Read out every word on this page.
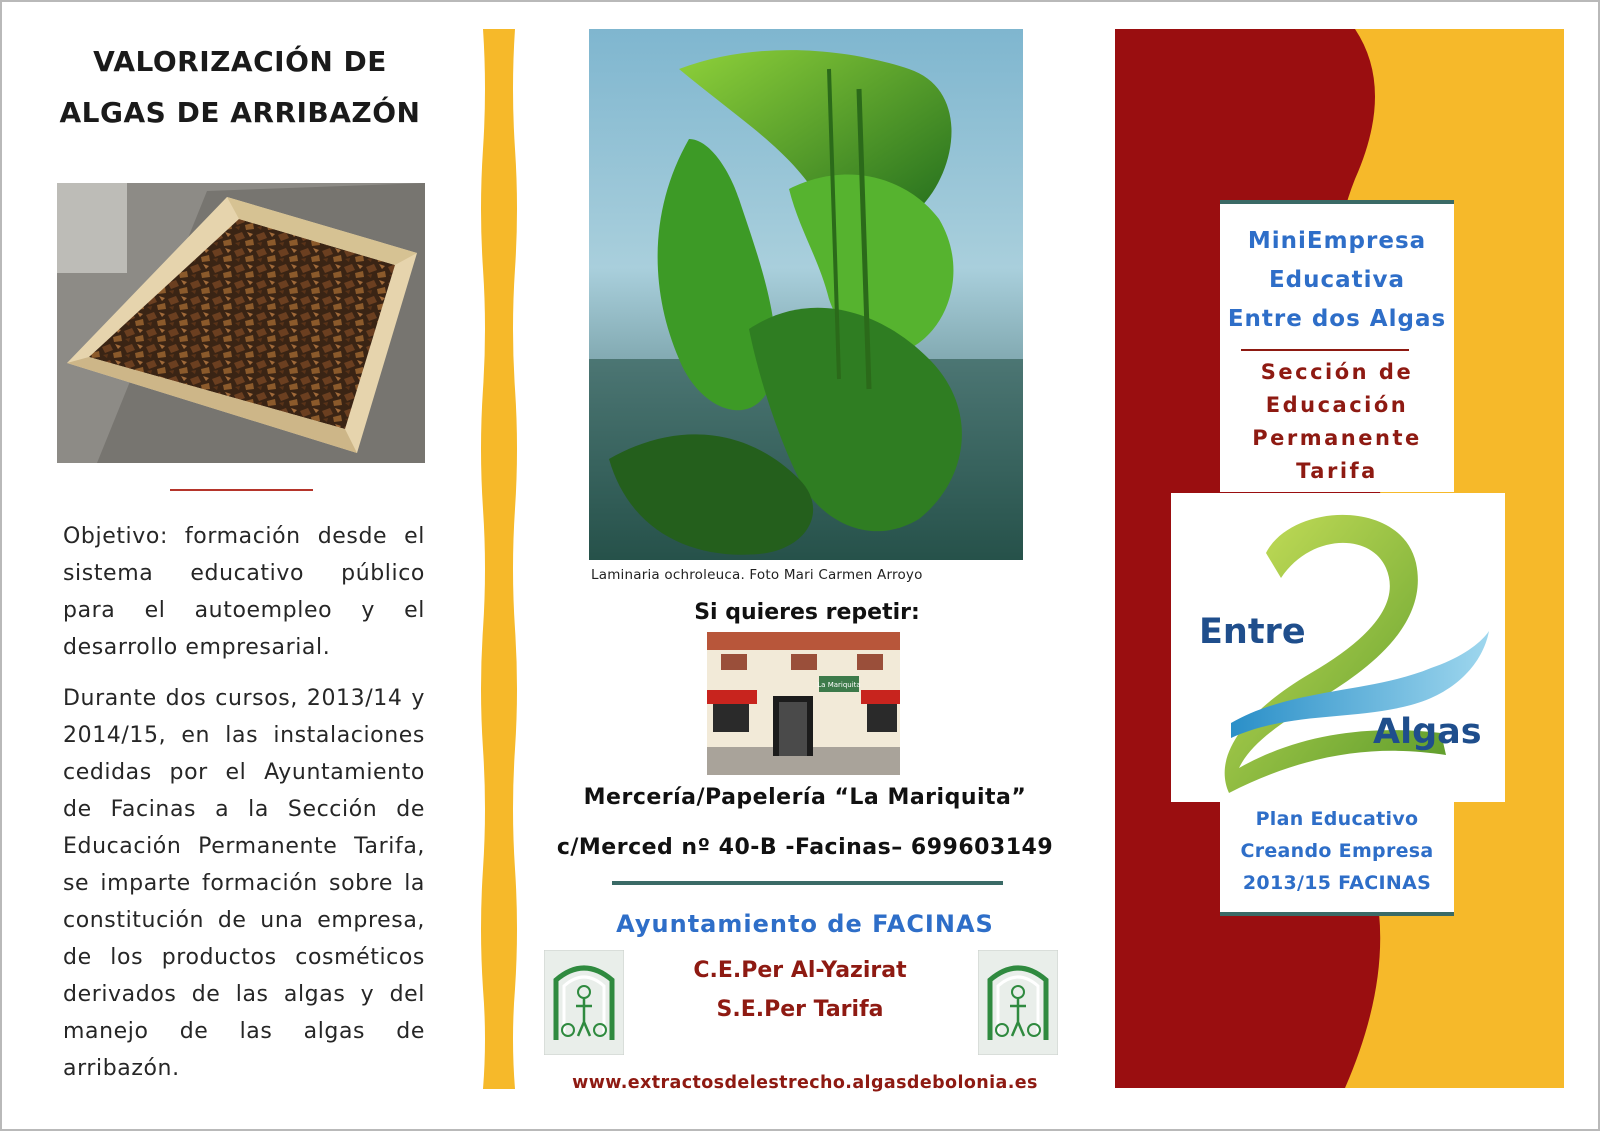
VALORIZACIÓN DE
ALGAS DE ARRIBAZÓN
Objetivo: formación desde el sistema educativo público para el autoempleo y el desarrollo empresarial.
Durante dos cursos, 2013/14 y 2014/15, en las instalaciones cedidas por el Ayuntamiento de Facinas a la Sección de Educación Permanente Tarifa, se imparte formación sobre la constitución de una empresa, de los productos cosméticos derivados de las algas y del manejo de las algas de arribazón.
Laminaria ochroleuca. Foto Mari Carmen Arroyo
Si quieres repetir:
La Mariquita
Mercería/Papelería “La Mariquita”
c/Merced nº 40-B -Facinas– 699603149
Ayuntamiento de FACINAS
C.E.Per Al-Yazirat
S.E.Per Tarifa
www.extractosdelestrecho.algasdebolonia.es
MiniEmpresa
Educativa
Entre dos Algas
Sección de
Educación
Permanente
Tarifa
Entre
Algas
Plan Educativo
Creando Empresa
2013/15 FACINAS
